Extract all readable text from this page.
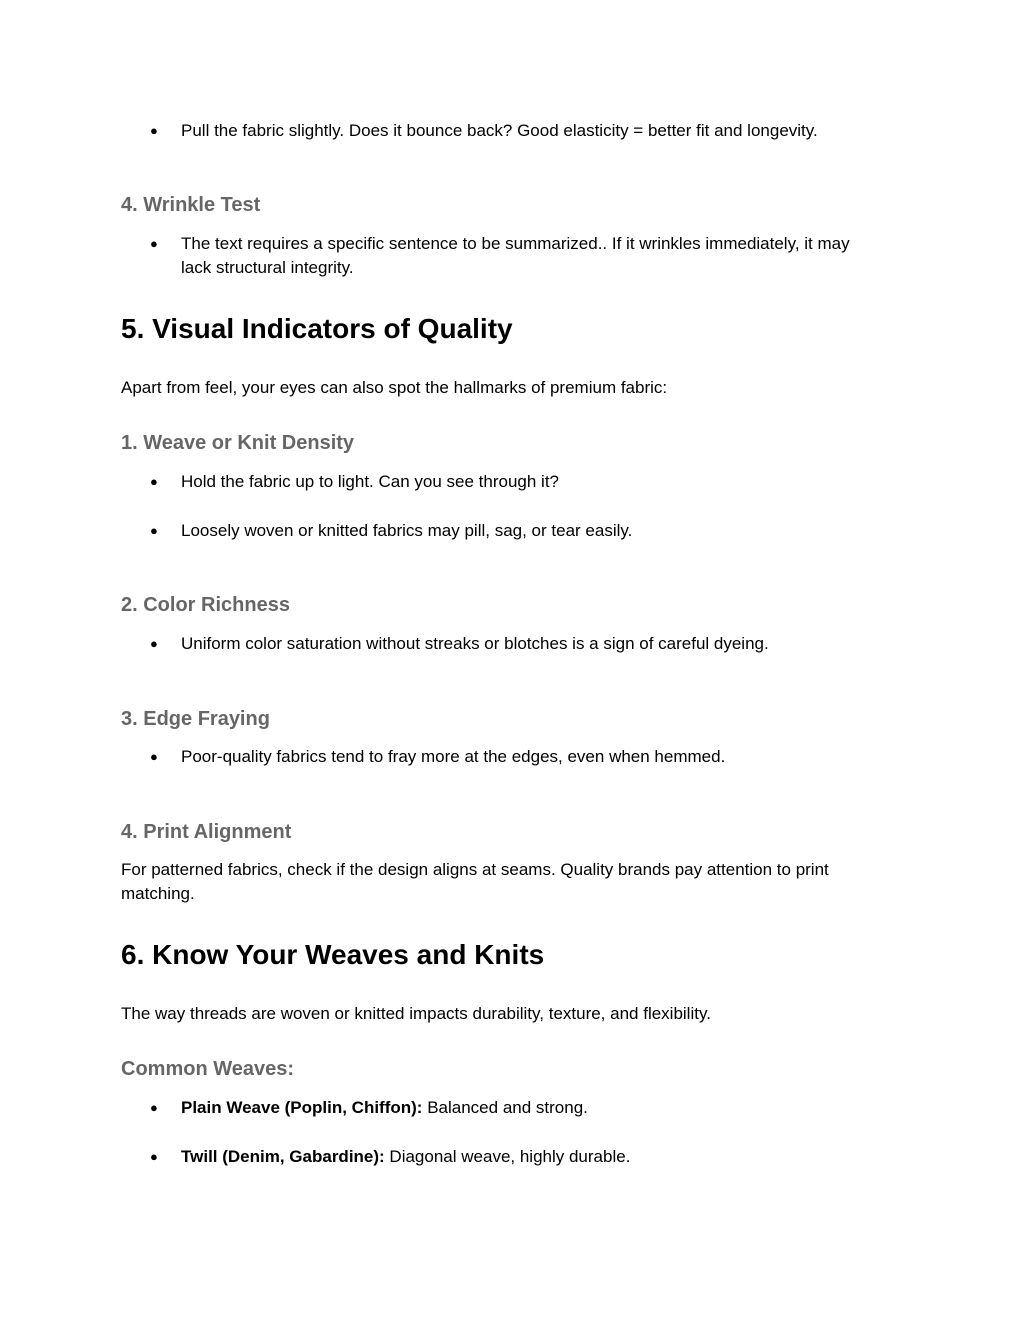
●	Pull the fabric slightly. Does it bounce back? Good elasticity = better fit and longevity.
4. Wrinkle Test
●	The text requires a specific sentence to be summarized.. If it wrinkles immediately, it may lack structural integrity.
5. Visual Indicators of Quality
Apart from feel, your eyes can also spot the hallmarks of premium fabric:
1. Weave or Knit Density
●	Hold the fabric up to light. Can you see through it?
●	Loosely woven or knitted fabrics may pill, sag, or tear easily.
2. Color Richness
●	Uniform color saturation without streaks or blotches is a sign of careful dyeing.
3. Edge Fraying
●	Poor-quality fabrics tend to fray more at the edges, even when hemmed.
4. Print Alignment
For patterned fabrics, check if the design aligns at seams. Quality brands pay attention to print matching.
6. Know Your Weaves and Knits
The way threads are woven or knitted impacts durability, texture, and flexibility.
Common Weaves:
●	Plain Weave (Poplin, Chiffon): Balanced and strong.
●	Twill (Denim, Gabardine): Diagonal weave, highly durable.
